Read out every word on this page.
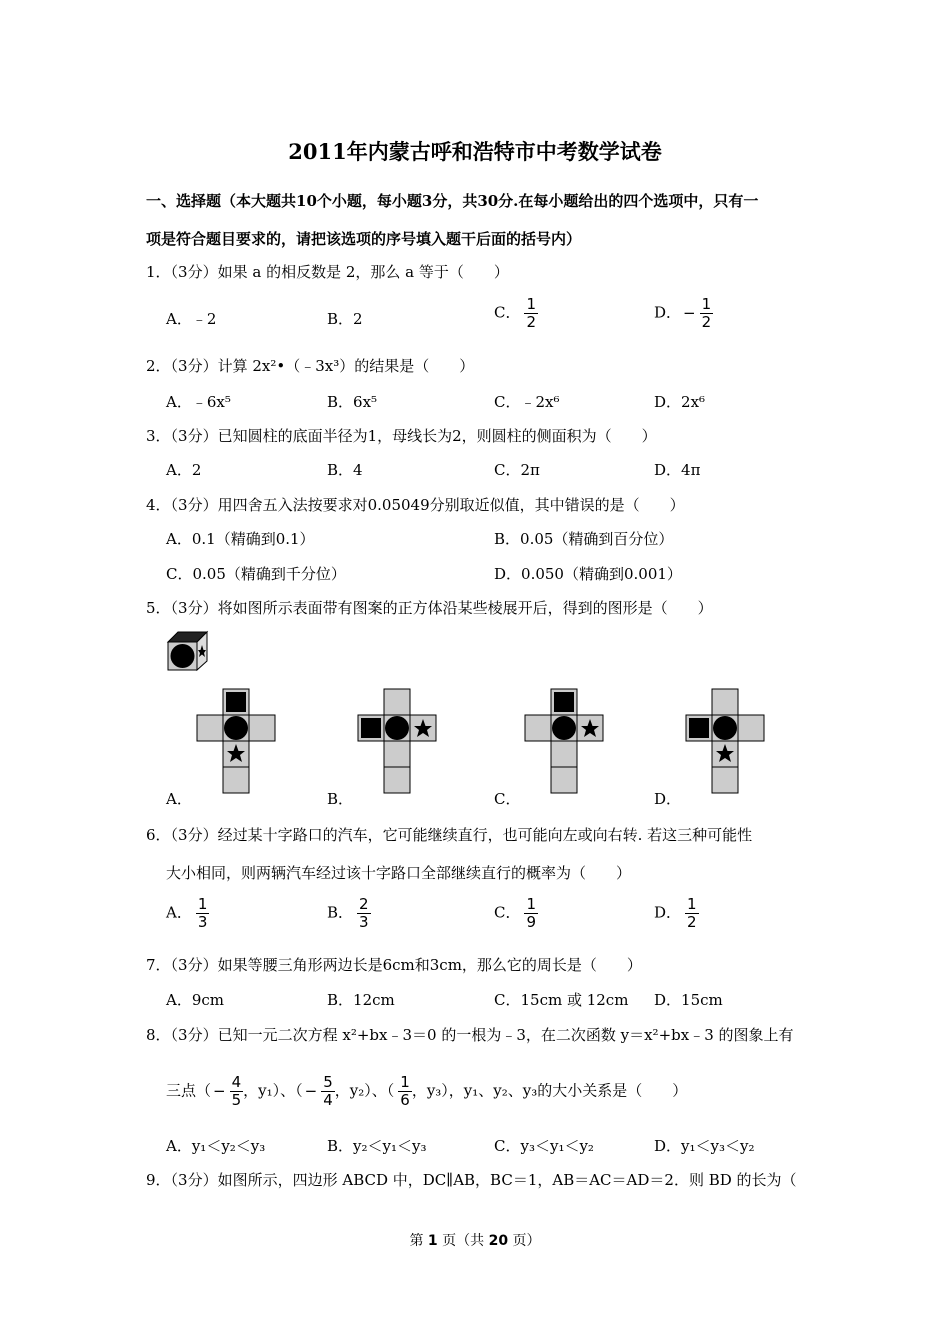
2011年内蒙古呼和浩特市中考数学试卷
一、选择题（本大题共10个小题，每小题3分，共30分.在每小题给出的四个选项中，只有一
项是符合题目要求的，请把该选项的序号填入题干后面的括号内）
1．（3分）如果 a 的相反数是 2，那么 a 等于（　　）
A．﹣2	B．2	C． $\frac{1}{2}$	D． − $\frac{1}{2}$
2．（3分）计算 2x²•（﹣3x³）的结果是（　　）
A．﹣6x⁵	B．6x⁵	C．﹣2x⁶	D．2x⁶
3．（3分）已知圆柱的底面半径为1，母线长为2，则圆柱的侧面积为（　　）
A．2	B．4	C．2π	D．4π
4．（3分）用四舍五入法按要求对0.05049分别取近似值，其中错误的是（　　）
A．0.1（精确到0.1）	B．0.05（精确到百分位）
C．0.05（精确到千分位）	D．0.050（精确到0.001）
5．（3分）将如图所示表面带有图案的正方体沿某些棱展开后，得到的图形是（　　）
A．	B．	C．	D．
6．（3分）经过某十字路口的汽车，它可能继续直行，也可能向左或向右转. 若这三种可能性
大小相同，则两辆汽车经过该十字路口全部继续直行的概率为（　　）
A． $\frac{1}{3}$	B． $\frac{2}{3}$	C． $\frac{1}{9}$	D． $\frac{1}{2}$
7．（3分）如果等腰三角形两边长是6cm和3cm，那么它的周长是（　　）
A．9cm	B．12cm	C．15cm 或 12cm D．15cm
8．（3分）已知一元二次方程 x²+bx﹣3＝0 的一根为﹣3，在二次函数 y＝x²+bx﹣3 的图象上有
三点（ − $\frac{4}{5}$ ，y₁）、（ − $\frac{5}{4}$ ，y₂）、（ $\frac{1}{6}$ ，y₃），y₁、y₂、y₃的大小关系是（　　）
A．y₁＜y₂＜y₃	B．y₂＜y₁＜y₃	C．y₃＜y₁＜y₂	D．y₁＜y₃＜y₂
9．（3分）如图所示，四边形 ABCD 中，DC∥AB，BC＝1，AB＝AC＝AD＝2．则 BD 的长为（
第 1 页（共 20 页）
